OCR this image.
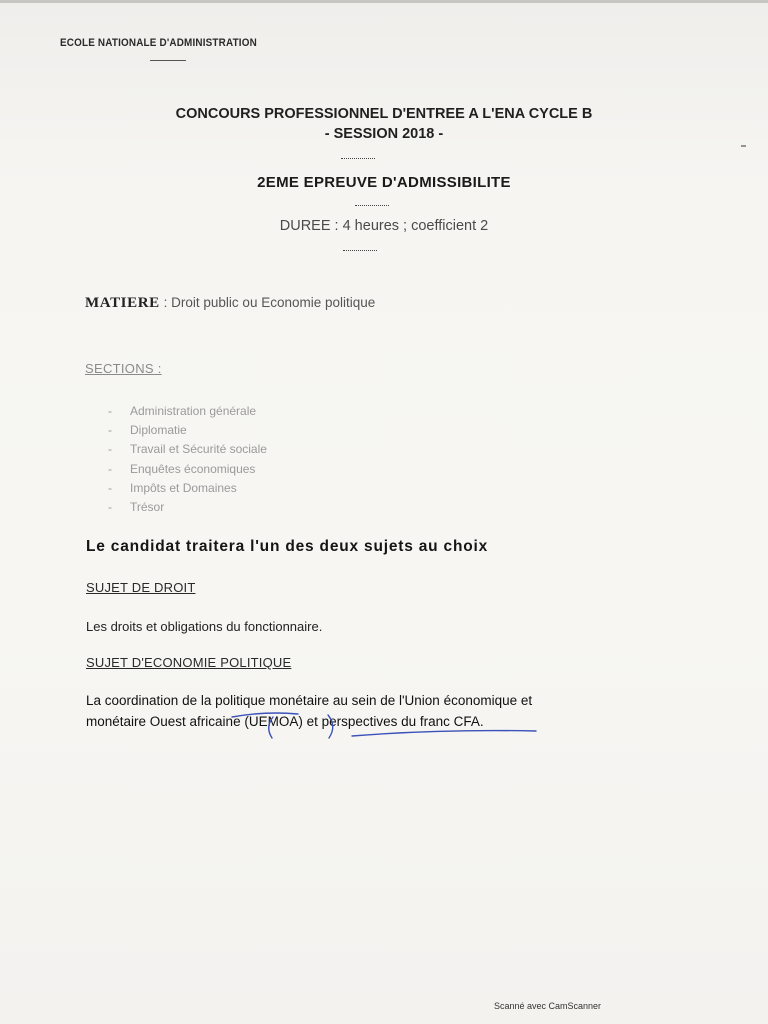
ECOLE NATIONALE D'ADMINISTRATION
CONCOURS PROFESSIONNEL D'ENTREE A L'ENA CYCLE B
- SESSION 2018 -
2EME EPREUVE D'ADMISSIBILITE
DUREE : 4 heures ; coefficient 2
MATIERE : Droit public ou Economie politique
SECTIONS :
- Administration générale
- Diplomatie
- Travail et Sécurité sociale
- Enquêtes économiques
- Impôts et Domaines
- Trésor
Le candidat traitera l'un des deux sujets au choix
SUJET DE DROIT
Les droits et obligations du fonctionnaire.
SUJET D'ECONOMIE POLITIQUE
La coordination de la politique monétaire au sein de l'Union économique et
monétaire Ouest africaine (UEMOA) et perspectives du franc CFA.
Scanné avec CamScanner
